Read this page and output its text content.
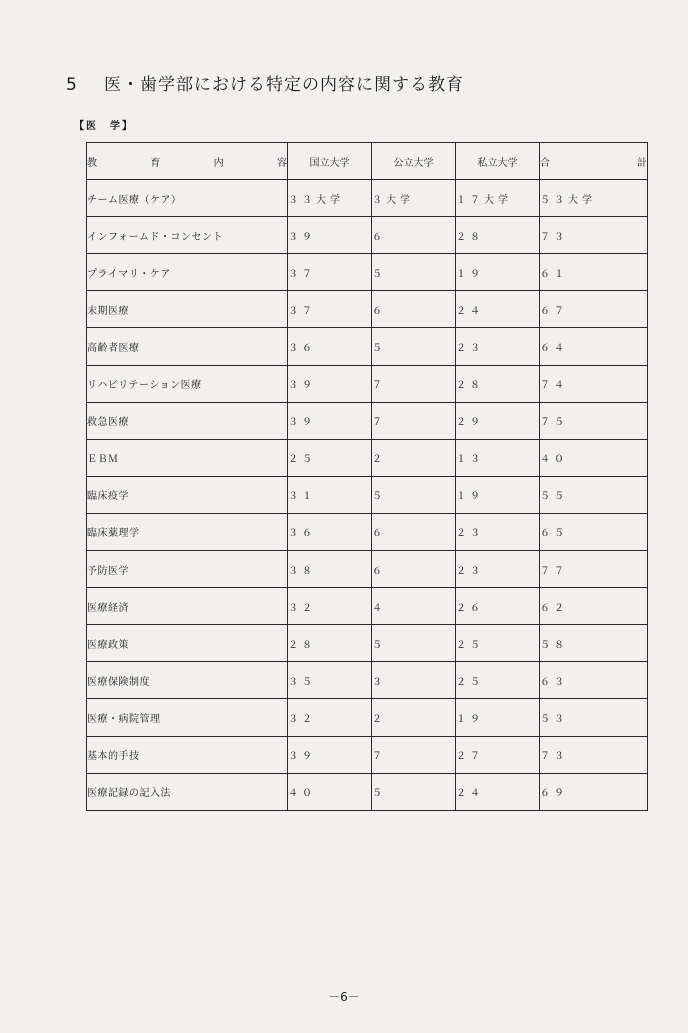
5 医・歯学部における特定の内容に関する教育
【医　学】
教　育　内　容	国立大学	公立大学	私立大学	合　　計
チーム医療（ケア）	３３大学	３大学	１７大学	５３大学
インフォームド・コンセント	３９	６	２８	７３
プライマリ・ケア	３７	５	１９	６１
末期医療	３７	６	２４	６７
高齢者医療	３６	５	２３	６４
リハビリテーション医療	３９	７	２８	７４
救急医療	３９	７	２９	７５
ＥＢＭ	２５	２	１３	４０
臨床疫学	３１	５	１９	５５
臨床薬理学	３６	６	２３	６５
予防医学	３８	６	２３	７７
医療経済	３２	４	２６	６２
医療政策	２８	５	２５	５８
医療保険制度	３５	３	２５	６３
医療・病院管理	３２	２	１９	５３
基本的手技	３９	７	２７	７３
医療記録の記入法	４０	５	２４	６９
－6－
